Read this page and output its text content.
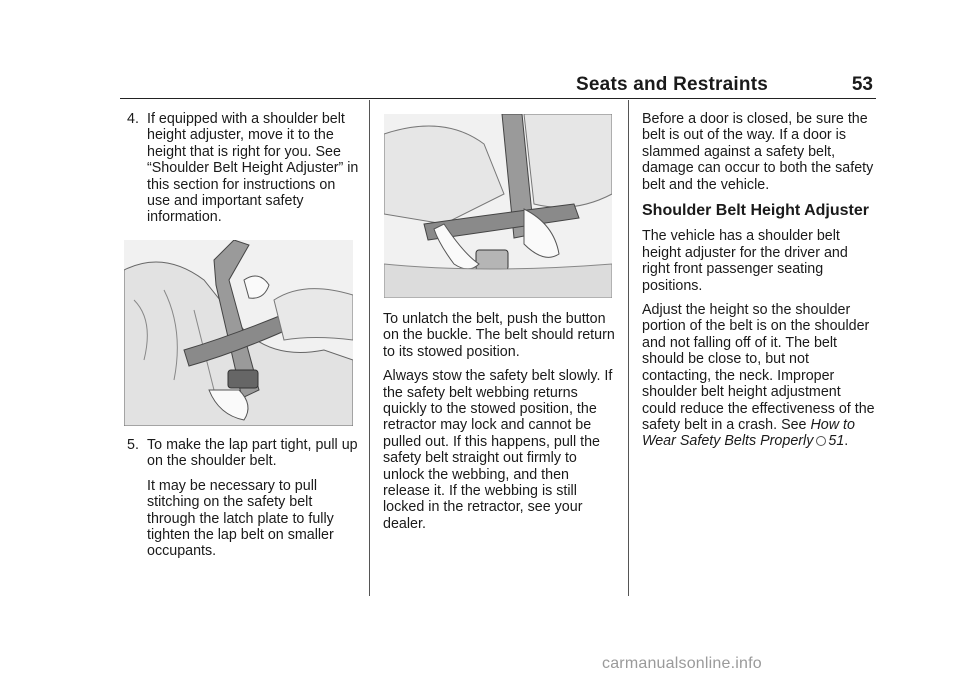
Seats and Restraints	53
4. If equipped with a shoulder belt height adjuster, move it to the height that is right for you. See “Shoulder Belt Height Adjuster” in this section for instructions on use and important safety information.

5. To make the lap part tight, pull up on the shoulder belt.

It may be necessary to pull stitching on the safety belt through the latch plate to fully tighten the lap belt on smaller occupants.

To unlatch the belt, push the button on the buckle. The belt should return to its stowed position.

Always stow the safety belt slowly. If the safety belt webbing returns quickly to the stowed position, the retractor may lock and cannot be pulled out. If this happens, pull the safety belt straight out firmly to unlock the webbing, and then release it. If the webbing is still locked in the retractor, see your dealer.

Before a door is closed, be sure the belt is out of the way. If a door is slammed against a safety belt, damage can occur to both the safety belt and the vehicle.

Shoulder Belt Height Adjuster

The vehicle has a shoulder belt height adjuster for the driver and right front passenger seating positions.

Adjust the height so the shoulder portion of the belt is on the shoulder and not falling off of it. The belt should be close to, but not contacting, the neck. Improper shoulder belt height adjustment could reduce the effectiveness of the safety belt in a crash. See How to Wear Safety Belts Properly 51.

carmanualsonline.info
